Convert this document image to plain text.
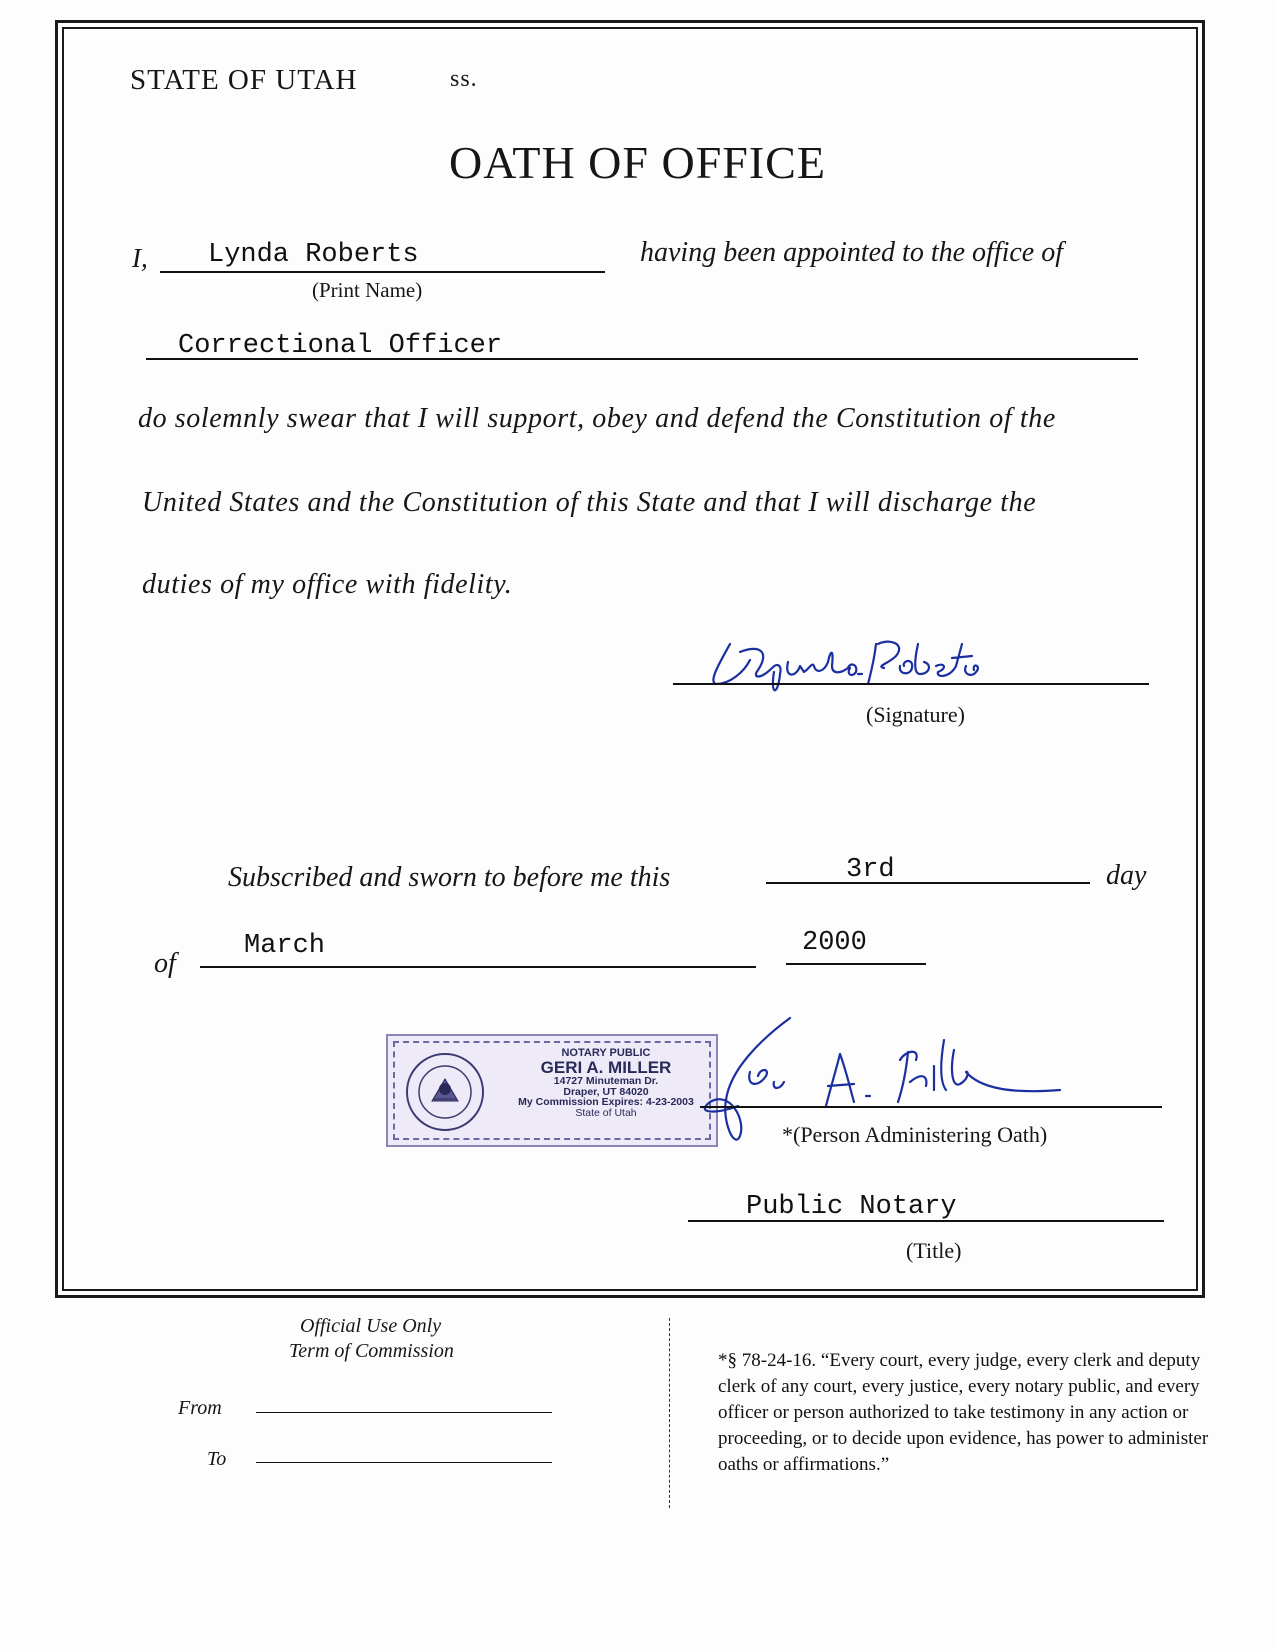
STATE OF UTAH	ss.
OATH OF OFFICE
I, Lynda Roberts	having been appointed to the office of
(Print Name)
Correctional Officer
do solemnly swear that I will support, obey and defend the Constitution of the
United States and the Constitution of this State and that I will discharge the
duties of my office with fidelity.
(Signature)
Subscribed and sworn to before me this	3rd	day
of
March	2000
NOTARY PUBLIC
GERI A. MILLER
14727 Minuteman Dr.
Draper, UT 84020
My Commission Expires: 4-23-2003
State of Utah
*(Person Administering Oath)
Public Notary
(Title)
Official Use Only
Term of Commission
From
To
*§ 78-24-16. “Every court, every judge, every clerk and deputy clerk of any court, every justice, every notary public, and every officer or person authorized to take testimony in any action or proceeding, or to decide upon evidence, has power to administer oaths or affirmations.”
